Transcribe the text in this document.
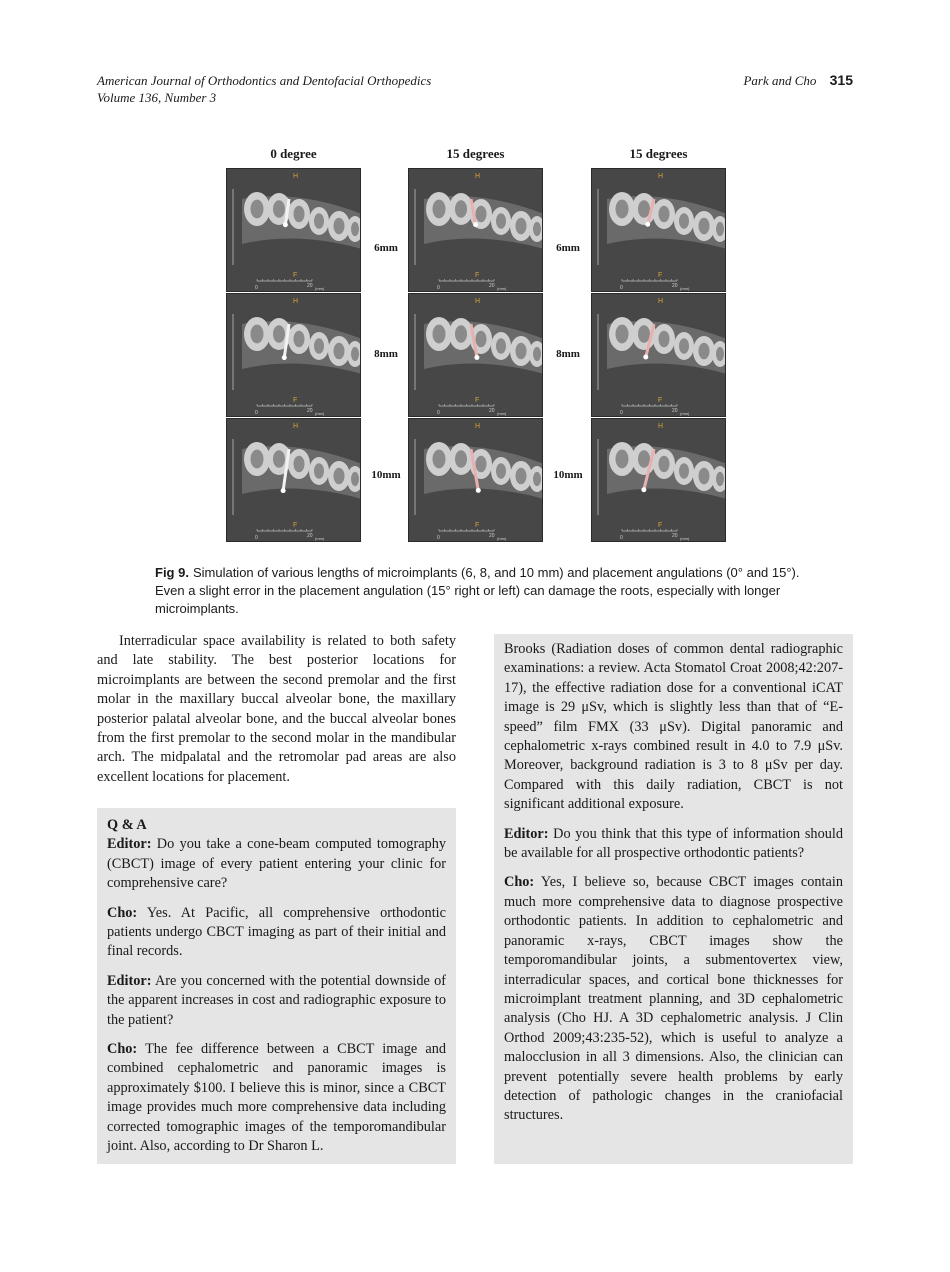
American Journal of Orthodontics and Dentofacial Orthopedics
Volume 136, Number 3
Park and Cho 315
0 degree	15 degrees	15 degrees
6mm	6mm
8mm	8mm
10mm	10mm
H
F
0	20 (mm)
H
F
0	20 (mm)
H
F
0	20 (mm)
H
F
0	20 (mm)
H
F
0	20 (mm)
H
F
0	20 (mm)
H
F
0	20 (mm)
H
F
0	20 (mm)
H
F
0	20 (mm)
Fig 9. Simulation of various lengths of microimplants (6, 8, and 10 mm) and placement angulations (0° and 15°). Even a slight error in the placement angulation (15° right or left) can damage the roots, especially with longer microimplants.

Interradicular space availability is related to both safety and late stability. The best posterior locations for microimplants are between the second premolar and the first molar in the maxillary buccal alveolar bone, the maxillary posterior palatal alveolar bone, and the buccal alveolar bones from the first premolar to the second molar in the mandibular arch. The midpalatal and the retromolar pad areas are also excellent locations for placement.

Q & A

Editor: Do you take a cone-beam computed tomography (CBCT) image of every patient entering your clinic for comprehensive care?

Cho: Yes. At Pacific, all comprehensive orthodontic patients undergo CBCT imaging as part of their initial and final records.

Editor: Are you concerned with the potential downside of the apparent increases in cost and radiographic exposure to the patient?

Cho: The fee difference between a CBCT image and combined cephalometric and panoramic images is approximately $100. I believe this is minor, since a CBCT image provides much more comprehensive data including corrected tomographic images of the temporomandibular joint. Also, according to Dr Sharon L.

Brooks (Radiation doses of common dental radiographic examinations: a review. Acta Stomatol Croat 2008;42:207-17), the effective radiation dose for a conventional iCAT image is 29 μSv, which is slightly less than that of “E-speed” film FMX (33 μSv). Digital panoramic and cephalometric x-rays combined result in 4.0 to 7.9 μSv. Moreover, background radiation is 3 to 8 μSv per day. Compared with this daily radiation, CBCT is not significant additional exposure.

Editor: Do you think that this type of information should be available for all prospective orthodontic patients?

Cho: Yes, I believe so, because CBCT images contain much more comprehensive data to diagnose prospective orthodontic patients. In addition to cephalometric and panoramic x-rays, CBCT images show the temporomandibular joints, a submentovertex view, interradicular spaces, and cortical bone thicknesses for microimplant treatment planning, and 3D cephalometric analysis (Cho HJ. A 3D cephalometric analysis. J Clin Orthod 2009;43:235-52), which is useful to analyze a malocclusion in all 3 dimensions. Also, the clinician can prevent potentially severe health problems by early detection of pathologic changes in the craniofacial structures.
